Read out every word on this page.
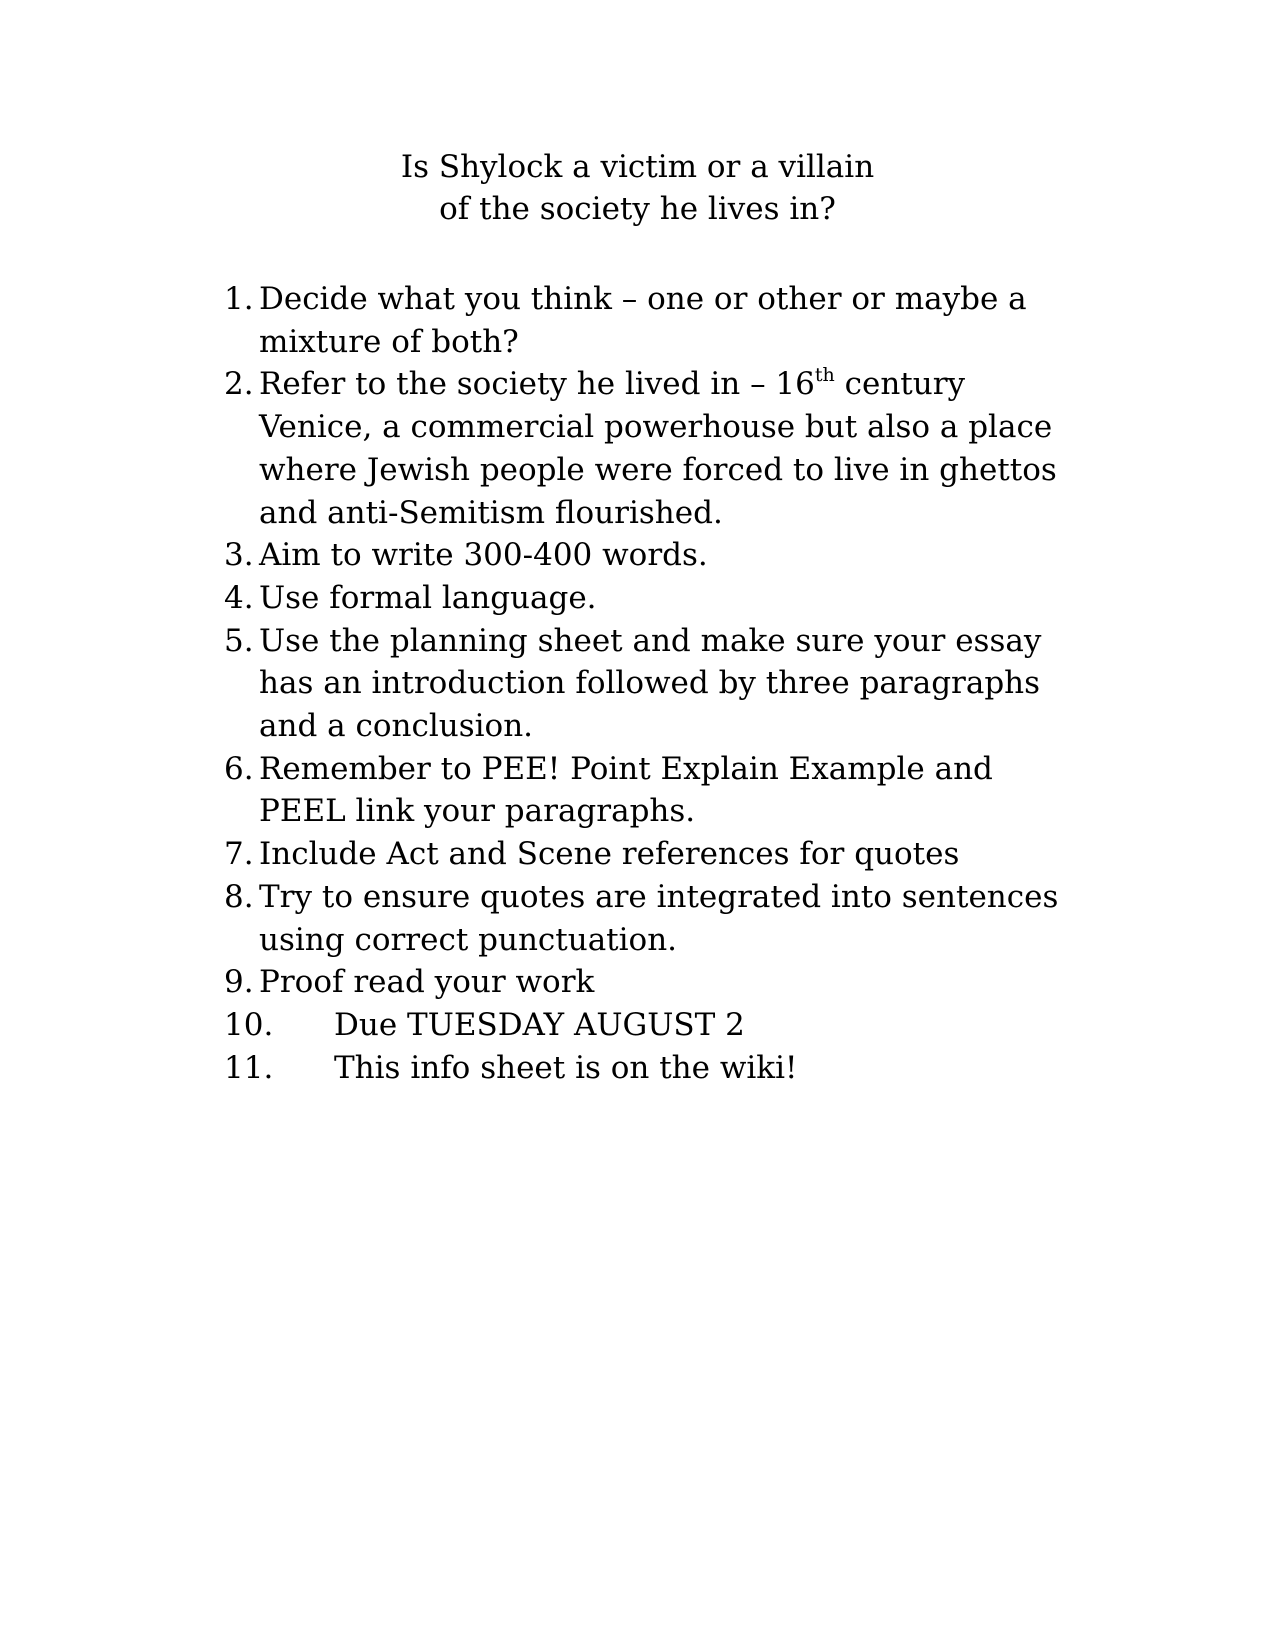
Is Shylock a victim or a villain
of the society he lives in?
1. Decide what you think – one or other or maybe a
mixture of both?
2. Refer to the society he lived in – 16th century
Venice, a commercial powerhouse but also a place
where Jewish people were forced to live in ghettos
and anti-Semitism flourished.
3. Aim to write 300-400 words.
4. Use formal language.
5. Use the planning sheet and make sure your essay
has an introduction followed by three paragraphs
and a conclusion.
6. Remember to PEE! Point Explain Example and
PEEL link your paragraphs.
7. Include Act and Scene references for quotes
8. Try to ensure quotes are integrated into sentences
using correct punctuation.
9. Proof read your work
10. Due TUESDAY AUGUST 2
11. This info sheet is on the wiki!
